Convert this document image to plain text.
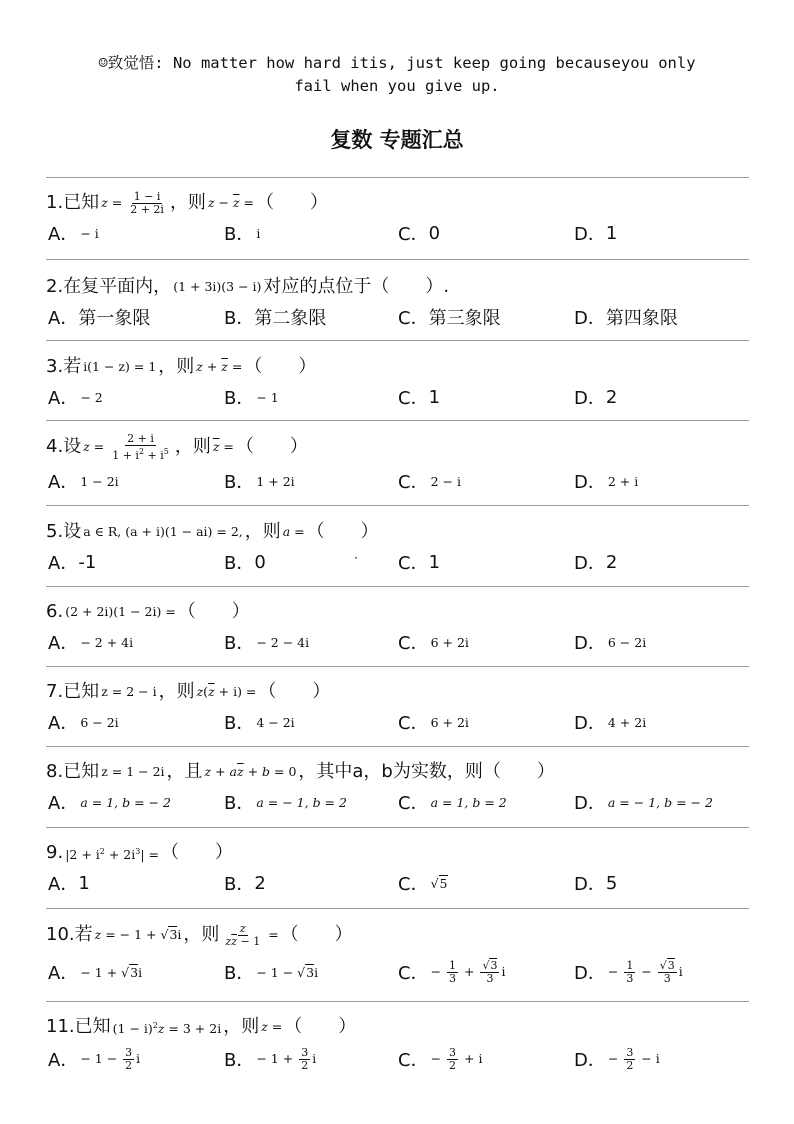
☺致觉悟: No matter how hard itis, just keep going becauseyou only
fail when you give up.
复数 专题汇总
1. 已知 $z = \frac{1 - i}{2 + 2i}$ ，则 $z - \overline{z}$ = （　　）
A． − i	B． i	C． 0	D． 1
2. 在复平面内， (1 + 3i)(3 − i) 对应的点位于（　　）.
A． 第一象限	B． 第二象限	C． 第三象限	D． 第四象限
3. 若 i(1 − z) = 1 ，则 $z + \overline{z}$ = （　　）
A． − 2	B． − 1	C． 1	D． 2
4. 设 $z = \frac{2 + i}{1 + i^2 + i^5}$ ，则 $\overline{z}$ = （　　）
A． 1 − 2i	B． 1 + 2i	C． 2 − i	D． 2 + i
5. 设 a ∈ R, (a + i)(1 − ai) = 2, ，则 a = （　　）
A． -1	B． 0	· C． 1	D． 2
6. (2 + 2i)(1 − 2i) = （　　）
A． − 2 + 4i	B． − 2 − 4i	C． 6 + 2i	D． 6 − 2i
7. 已知 z = 2 − i ，则 $z(\overline{z} + i)$ = （　　）
A． 6 − 2i	B． 4 − 2i	C． 6 + 2i	D． 4 + 2i
8. 已知 z = 1 − 2i ，且 $z + a\overline{z} + b = 0$ ，其中a，b为实数，则（　　）
A． a = 1, b = − 2	B． a = − 1, b = 2	C． a = 1, b = 2	D． a = − 1, b = − 2
9. $|2 + i^2 + 2i^3|$ = （　　）
A． 1	B． 2	C． √5	D． 5
10. 若 z = − 1 + √3i ，则 $\frac{z}{z\overline{z} - 1}$ = （　　）
A． − 1 + √3i	B． − 1 − √3i	C． − $\frac{1}{3} + \frac{√3}{3}$ i	D． − $\frac{1}{3} - \frac{√3}{3}$ i
11. 已知 $(1 - i)^2z = 3 + 2i$ ，则 z = （　　）
A． − $1 - \frac{3}{2}$ i	B． − $1 + \frac{3}{2}$ i	C． − $\frac{3}{2} + i$	D． − $\frac{3}{2} - i$
